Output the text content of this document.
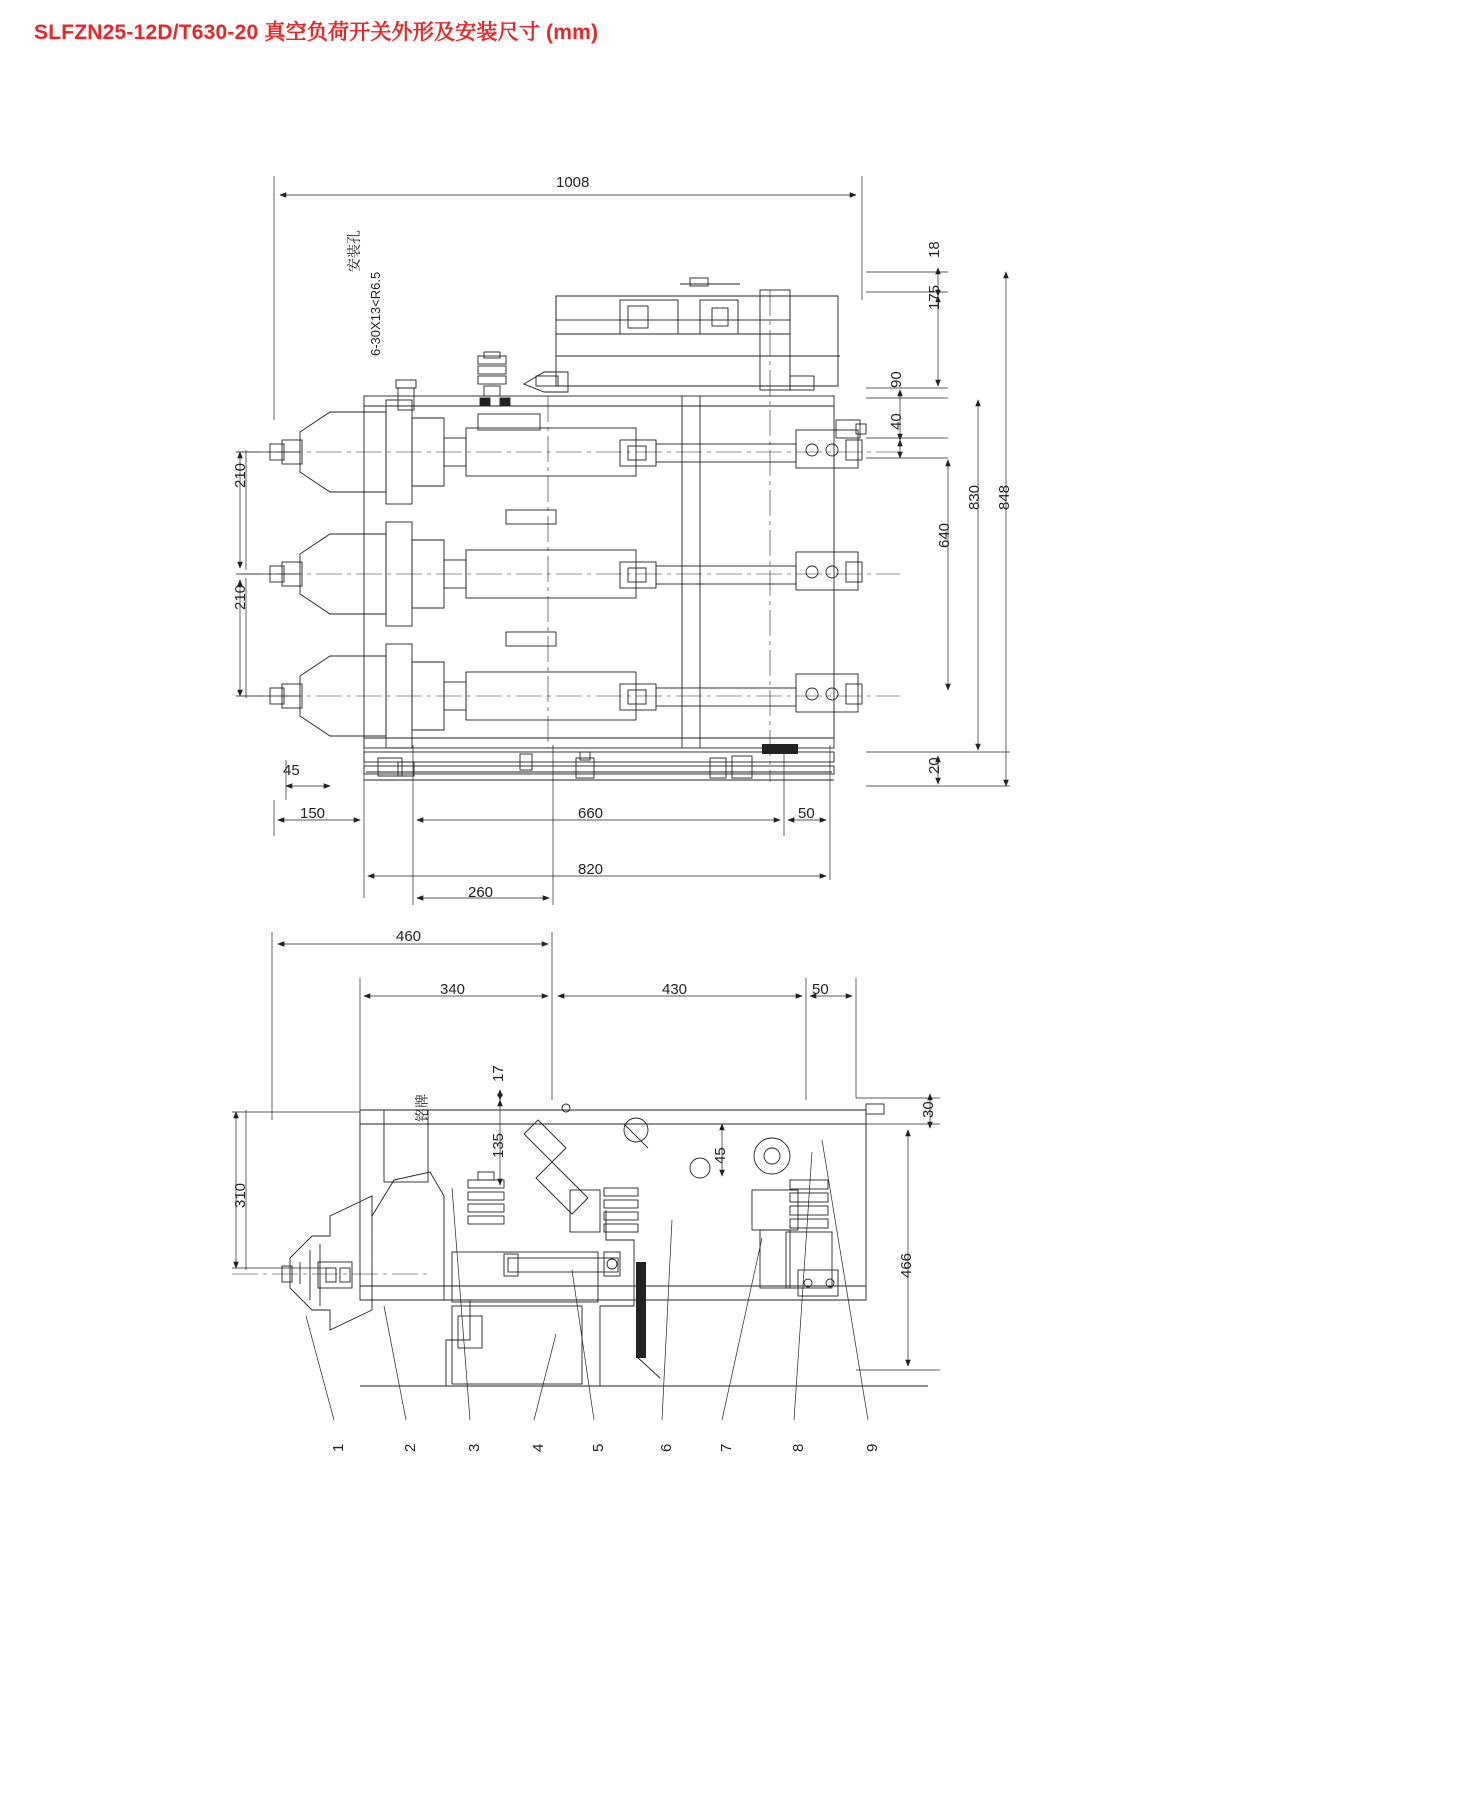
SLFZN25-12D/T630-20 真空负荷开关外形及安装尺寸 (mm)
1008
安装孔
6-30X13<R6.5
18
175
90
40
830 848
640
20
210
210
45
150	660	50
820
260
460
340	430	50
17
135	45
30
310
466
铭牌
1	2	3	4	5	6	7	8	9
